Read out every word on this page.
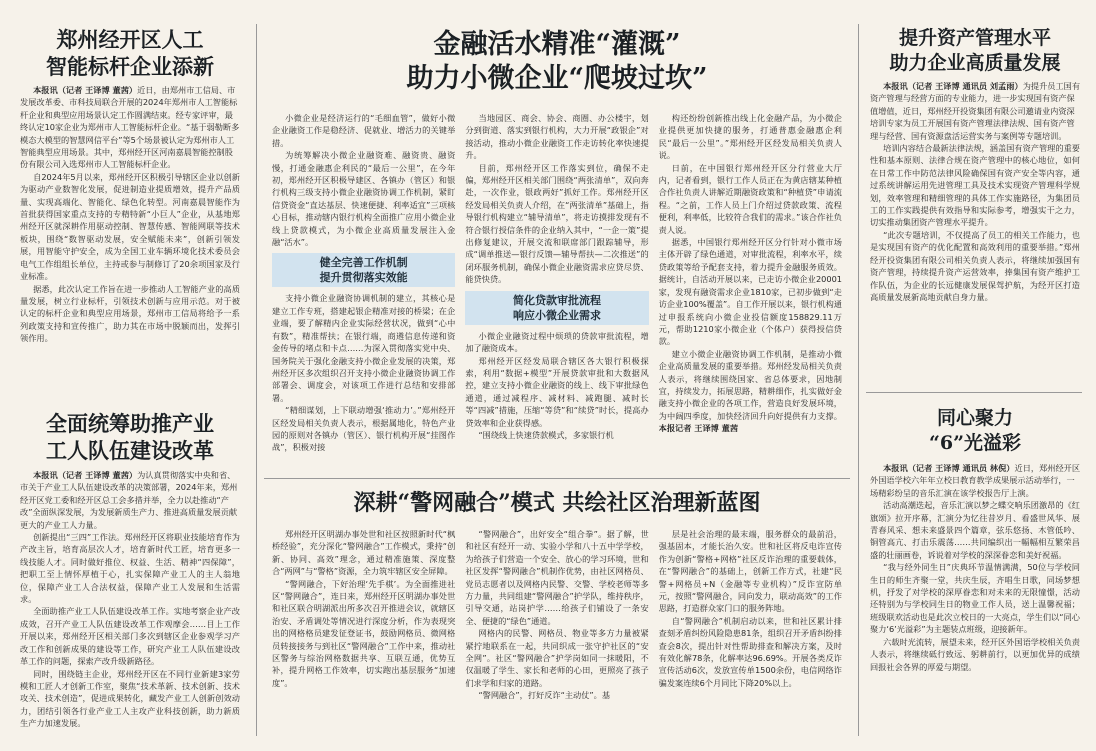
郑州经开区人工
智能标杆企业添新
本报讯（记者 王译博 董茜）近日，由郑州市工信局、市发展改革委、市科技局联合开展的2024年郑州市人工智能标杆企业和典型应用场景认定工作圆满结束。经专家评审，最终认定10家企业为郑州市人工智能标杆企业。“基于弱勒断多模态大模型的智慧网信平台”等5个场景被认定为郑州市人工智能典型应用场景。其中，郑州经开区河南嘉晨智能控制股份有限公司入选郑州市人工智能标杆企业。
自2024年5月以来，郑州经开区积极引导辖区企业以创新为驱动产业数智化发展，促进制造业提质增效，提升产品质量、实现高端化、智能化、绿色化转型。河南嘉晨智能作为首批获得国家重点支持的专精特新“小巨人”企业，从基地郑州经开区就深耕作用驱动控制、智慧传感、智能网联等技术板块，围绕“数智驱动发展，安全赋能未来”，创新引领发展，用智能守护安全，成为全国工业车辆环境化技术委员会电气工作组组长单位，主持或参与制修订了20余项国家及行业标准。
据悉，此次认定工作旨在进一步推动人工智能产业的高质量发展，树立行业标杆，引领技术创新与应用示范。对于被认定的标杆企业和典型应用场景，郑州市工信局将给予一系列政策支持和宣传推广，助力其在市场中脱颖而出，发挥引领作用。
全面统筹助推产业
工人队伍建设改革
本报讯（记者 王译博 董茜）为认真贯彻落实中央和省、市关于产业工人队伍建设改革的决策部署，2024年来，郑州经开区党工委和经开区总工会多措并举，全力以赴推动“产改”全面纵深发展，为发展新质生产力、推进高质量发展贡献更大的产业工人力量。
创新提出“三四”工作法。郑州经开区将职业技能培育作为产改主旨，培育高层次人才，培育新时代工匠，培育更多一线技能人才。同时做好推位、权益、生活、精神“四保障”，把职工至上情怀厚植于心，扎实保障产业工人的主人翁地位，保障产业工人合法权益，保障产业工人发展和生活需求。
全面助推产业工人队伍建设改革工作。实地考察企业产改成效，召开产业工人队伍建设改革工作观摩会……目上工作开展以来，郑州经开区相关部门多次到辖区企业参观学习产改工作和创新成果的建设等工作，研究产业工人队伍建设改革工作的问题，探索产改升级新路径。
同时，围绕链主企业，郑州经开区在不同行业新建3家劳模和工匠人才创新工作室，聚焦“技术革新、技术创新、技术攻关、技术创造”，促进成果转化，藏发产业工人创新创效动力，团结引领各行业产业工人主攻产业科技创新，助力新质生产力加速发展。
金融活水精准“灌溉”
助力小微企业“爬坡过坎”
小微企业是经济运行的“毛细血管”，做好小微企业融资工作是稳经济、促就业、增活力的关键举措。
为统筹解决小微企业融资难、融资贵、融资慢，打通金融惠企利民的“最后一公里”，在今年初，郑州经开区积极导建区、各镇办（管区）和银行机构三级支持小微企业融资协调工作机制，紧盯信贷资金“直达基层、快速便捷、利率适宜”三项核心目标，推动辖内银行机构全面推广应用小微企业线上贷款模式，为小微企业高质量发展注入金融“活水”。
健全完善工作机制
提升贯彻落实效能
支持小微企业融资协调机制的建立，其核心是建立工作专班，搭建起银企精准对接的桥梁；在企业端，要了解精内企业实际经营状况，做到“心中有数”，精准帮扶；在银行端，商遴信息传递和资金传导的堵点和卡点……为深入贯彻落实党中央、国务院关于强化金融支持小微企业发展的决策，郑州经开区多次组织召开支持小微企业融资协调工作部署会、调度会，对该项工作进行总结和安排部署。
“精细谋划，上下联动增强‘推动力’。”郑州经开区经发局相关负责人表示，根据属地化，特色产业园的原则对各镇办（管区）、银行机构开展“挂图作战”，积极对接
当地园区、商会、协会、商圈、办公楼宇，划分到街道、落实到银行机构，大力开展“政银企”对接活动，推动小微企业融资工作走访转化率快速提升。
目前，郑州经开区工作落实到位，确保不走偏，郑州经开区相关部门围绕“两张清单”，双向奔赴，一次作业，银政两好”抓好工作。郑州经开区经发局相关负责人介绍，在“两张清单”基础上，指导银行机构建立“辅导清单”，将走访摸排发现有不符合银行授信条件的企业纳入其中，“一企一策”提出修复建议，开展交流和联席部门跟踪辅导，形成“调单推送—银行反馈—辅导帮扶—二次推送”的闭环服务机制，确保小微企业融资需求应贷尽贷、能贷快贷。
简化贷款审批流程
响应小微企业需求
小微企业融资过程中烦琐的贷款审批流程，增加了融资成本。
郑州经开区经发局联合辖区各大银行积极探索，利用“数据+模型”开展贷款审批和大数据风控，建立支持小微企业融资的线上、线下审批绿色通道，通过减程序、减材料、减跑腿、减时长等“四减”措施，压缩“等贷”和“续贷”时长，提高办贷效率和企业获得感。
“围绕线上快速贷款模式，多家银行机
构还纷纷创新推出线上化金融产品，为小微企业提供更加快捷的服务，打通普惠金融惠企利民“最后一公里”。”郑州经开区经发局相关负责人说。
日前，在中国银行郑州经开区分行营业大厅内，记者看到，银行工作人员正在为黄店辖某种植合作社负责人讲解近期融资政策和“种植贷”申请流程。“之前，工作人员上门介绍过贷款政策、流程便利，利率低，比较符合我们的需求。”该合作社负责人说。
据悉，中国银行郑州经开区分行针对小微市场主体开辟了绿色通道，对审批流程，利率水平，续贷政策等给予配套支持，着力提升金融服务质效。据统计，自活动开展以来，已走访小微企业20001家，发现有融资需求企业1810家，已初步做到“走访企业100%覆盖”。自工作开展以来，银行机构通过申报系统向小微企业投信额度158829.11万元，帮助1210家小微企业（个体户）获得授信贷款。
建立小微企业融资协调工作机制，是推动小微企业高质量发展的重要举措。郑州经发局相关负责人表示，将继续围绕国家、省总体要求，因地制宜，持续发力，拓展思路，精耕细作，扎实做好金融支持小微企业的各项工作，营造良好发展环境，为中阔四季度，加快经济回升向好提供有力支撑。 本报记者 王译博 董茜
深耕“警网融合”模式 共绘社区治理新蓝图
郑州经开区明湖办事处世和社区按照新时代“枫桥经验”，充分深化“警网融合”工作模式，秉持“创新、协同、高效”理念，通过精准施策、深度整合“两网”与“警格”资源，全力筑牢辖区安全屏障。
“警网融合，下好治理‘先手棋’。为全面推进社区“警网融合”，连日来，郑州经开区明湖办事处世和社区联合明湖派出所多次召开推进会议，就辖区治安、矛盾调处等情况进行深度分析，作为表现突出的网格格员建发征登证书，鼓励网格员、微网格员转接接务与到社区“警网融合”工作中来，推动社区警务与综治网格数据共享、互联互通，优势互补，提升网格工作效率，切实跑出基层服务“加速度”。
“警网融合”，出好安全“组合拳”。据了解，世和社区有经开一动、实验小学和八十五中学学校，为给孩子们营造一个安全、放心的学习环境，世和社区发挥“警网融合”机制作优势，由社区网格员、党员志愿者以及网格内民警、交警、学校老师等多方力量，共同组建“警网融合”护学队，维持秩序，引导交通，站岗护学……给孩子们铺设了一条安全、便捷的“绿色”通道。
网格内的民警、网格员、物业等多方力量被紧紧拧地联系在一起，共同织成一张守护社区的“安全网”。社区“警网融合”护学岗如同一抹暖阳，不仅温暖了学生、家长和老师的心田，更照亮了孩子们求学和归家的道路。
“警网融合”，打好反诈“主动仗”。基
层是社会治理的最末端，服务群众的最前沿，强基固本，才能长治久安。世和社区将反电诈宣传作为创新“警格+网格”社区反诈治理的重要载体，在“警网融合”的基础上，创新工作方式，社建“民警+网格员+N（金融等专业机构）”反诈宣防单元，按照“警网融合，同向发力，联动高效”的工作思路，打造群众家门口的服务阵地。
自“警网融合”机制启动以来，世和社区累计排查刻矛盾纠纷风险隐患81条，组织召开矛盾纠纷排查会8次，提出针对性帮助排查和解决方案，及时有效化解78条，化解率达96.69%。开展各类反诈宣传活动6次，发放宣传单1500余份，电信网络诈骗发案连续6个月同比下降20%以上。
提升资产管理水平
助力企业高质量发展
本报讯（记者 王译博 通讯员 刘孟雨）为提升员工国有资产管理与经营方面的专业能力，进一步实现国有资产保值增值，近日，郑州经开投资集团有限公司邀请业内资深培训专家为员工开展国有资产管理法律法规、国有资产管理与经营、国有资源盘活运营实务与案例等专题培训。
培训内容结合最新法律法规，涵盖国有资产管理的重要性和基本原则、法律合规在资产管理中的核心地位，如何在日常工作中防范法律风险确保国有资产安全等内容，通过系统讲解运用先进管理工具及技术实现资产管理科学规划，效率管理和精细管理的具体工作实施路径，为集团员工的工作实践提供有效指导和实际参考，增强实干之力，切实推动集团资产管理水平提升。
“此次专题培训，不仅提高了员工的相关工作能力，也是实现国有资产的优化配置和高效利用的重要举措。”郑州经开投资集团有限公司相关负责人表示，将继续加强国有资产管理，持续提升资产运营效率，捧集国有资产维护工作队伍，为企业的长远健康发展保驾护航，为经开区打造高质量发展新高地贡献自身力量。
同心聚力
“6”光溢彩
本报讯（记者 王译博 通讯员 林倪）近日，郑州经开区外国语学校六年年立校日教育教学成果展示活动举行，一场精彩纷呈的音乐汇演在该学校报告厅上演。
活动高潮迭起，音乐汇演以梦之蝶交响乐团激昂的《红旗颂》拉开序幕，汇演分为忆往昔岁月、看盛世风华、展青春风采、想未来盛景四个篇章，弦乐悠扬、木管低吟、铜管高亢、打击乐震荡……共同编织出一幅幅相互繁荣昌盛的壮丽画卷，诉说着对学校的深深眷恋和美好祝福。
“我与经外同生日”庆典环节温情满满，50位与学校同生日的师生齐聚一堂，共庆生辰，齐唱生日歌，同场梦想机，抒发了对学校的深厚眷恋和对未来的无限憧憬，活动还特别为与学校同生日的物业工作人员，送上温馨祝福；班级联欢活动也是此次立校日的一大亮点，学生们以“同心聚力‘6’光溢彩”为主题装点班级，迎接新年。
六载时光流转，展望未来，经开区外国语学校相关负责人表示，将继续砥行致远、躬耕前行，以更加优异的成绩回报社会各界的厚爱与期望。
